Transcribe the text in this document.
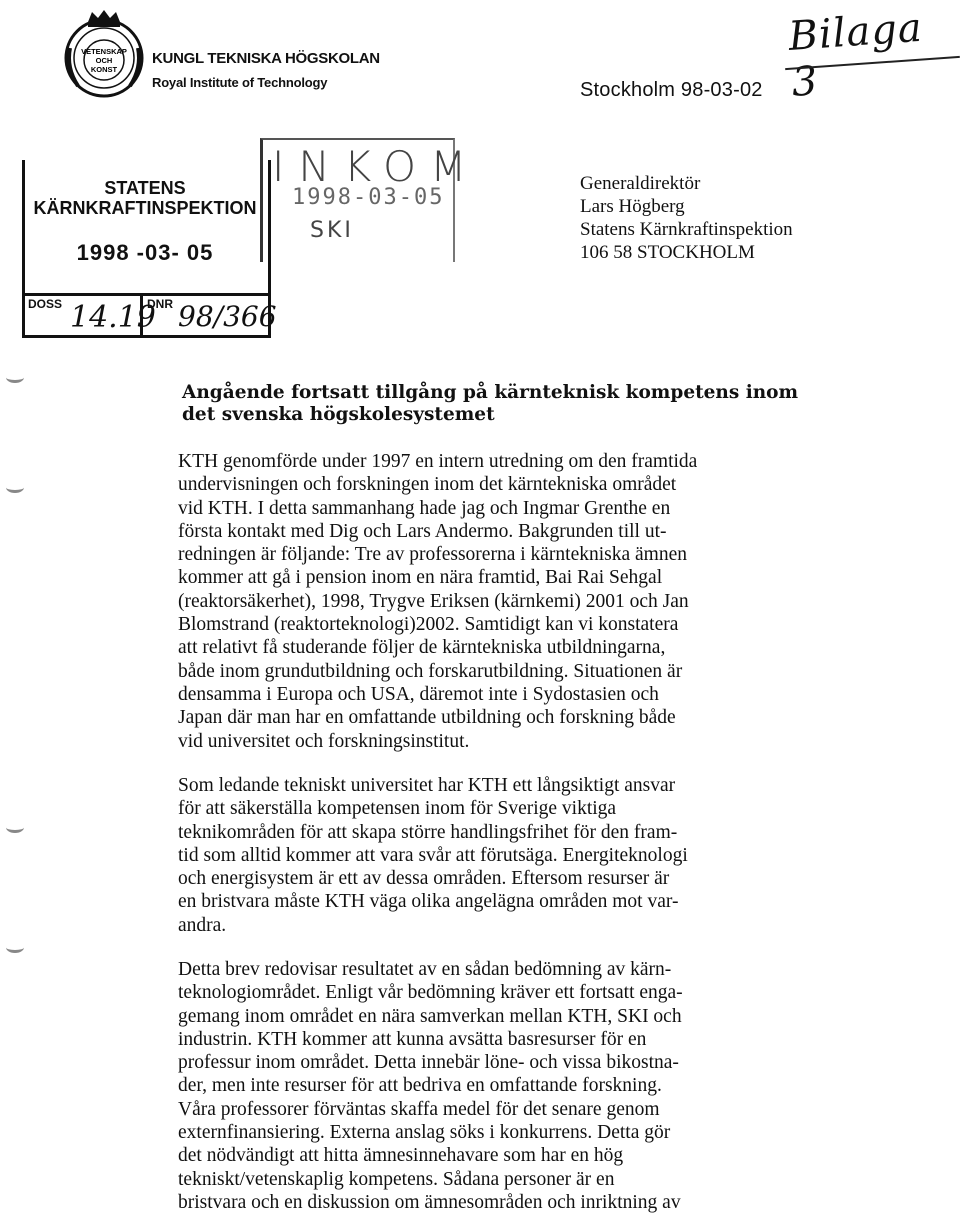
VETENSKAP
OCH
KONST
KUNGL TEKNISKA HÖGSKOLAN
Royal Institute of Technology	Stockholm 98-03-02
Bilaga 3
INKOM
1998-03-05
SKI
STATENS
KÄRNKRAFTINSPEKTION
1998 -03- 05
DOSS 14.19
DNR 98/366
Generaldirektör
Lars Högberg
Statens Kärnkraftinspektion
106 58 STOCKHOLM
Angående fortsatt tillgång på kärnteknisk kompetens inom
det svenska högskolesystemet
KTH genomförde under 1997 en intern utredning om den framtida
undervisningen och forskningen inom det kärntekniska området
vid KTH. I detta sammanhang hade jag och Ingmar Grenthe en
första kontakt med Dig och Lars Andermo. Bakgrunden till ut-
redningen är följande: Tre av professorerna i kärntekniska ämnen
kommer att gå i pension inom en nära framtid, Bai Rai Sehgal
(reaktorsäkerhet), 1998, Trygve Eriksen (kärnkemi) 2001 och Jan
Blomstrand (reaktorteknologi)2002. Samtidigt kan vi konstatera
att relativt få studerande följer de kärntekniska utbildningarna,
både inom grundutbildning och forskarutbildning. Situationen är
densamma i Europa och USA, däremot inte i Sydostasien och
Japan där man har en omfattande utbildning och forskning både
vid universitet och forskningsinstitut.
Som ledande tekniskt universitet har KTH ett långsiktigt ansvar
för att säkerställa kompetensen inom för Sverige viktiga
teknikområden för att skapa större handlingsfrihet för den fram-
tid som alltid kommer att vara svår att förutsäga. Energiteknologi
och energisystem är ett av dessa områden. Eftersom resurser är
en bristvara måste KTH väga olika angelägna områden mot var-
andra.
Detta brev redovisar resultatet av en sådan bedömning av kärn-
teknologiområdet. Enligt vår bedömning kräver ett fortsatt enga-
gemang inom området en nära samverkan mellan KTH, SKI och
industrin. KTH kommer att kunna avsätta basresurser för en
professur inom området. Detta innebär löne- och vissa bikostna-
der, men inte resurser för att bedriva en omfattande forskning.
Våra professorer förväntas skaffa medel för det senare genom
externfinansiering. Externa anslag söks i konkurrens. Detta gör
det nödvändigt att hitta ämnesinnehavare som har en hög
tekniskt/vetenskaplig kompetens. Sådana personer är en
bristvara och en diskussion om ämnesområden och inriktning av
